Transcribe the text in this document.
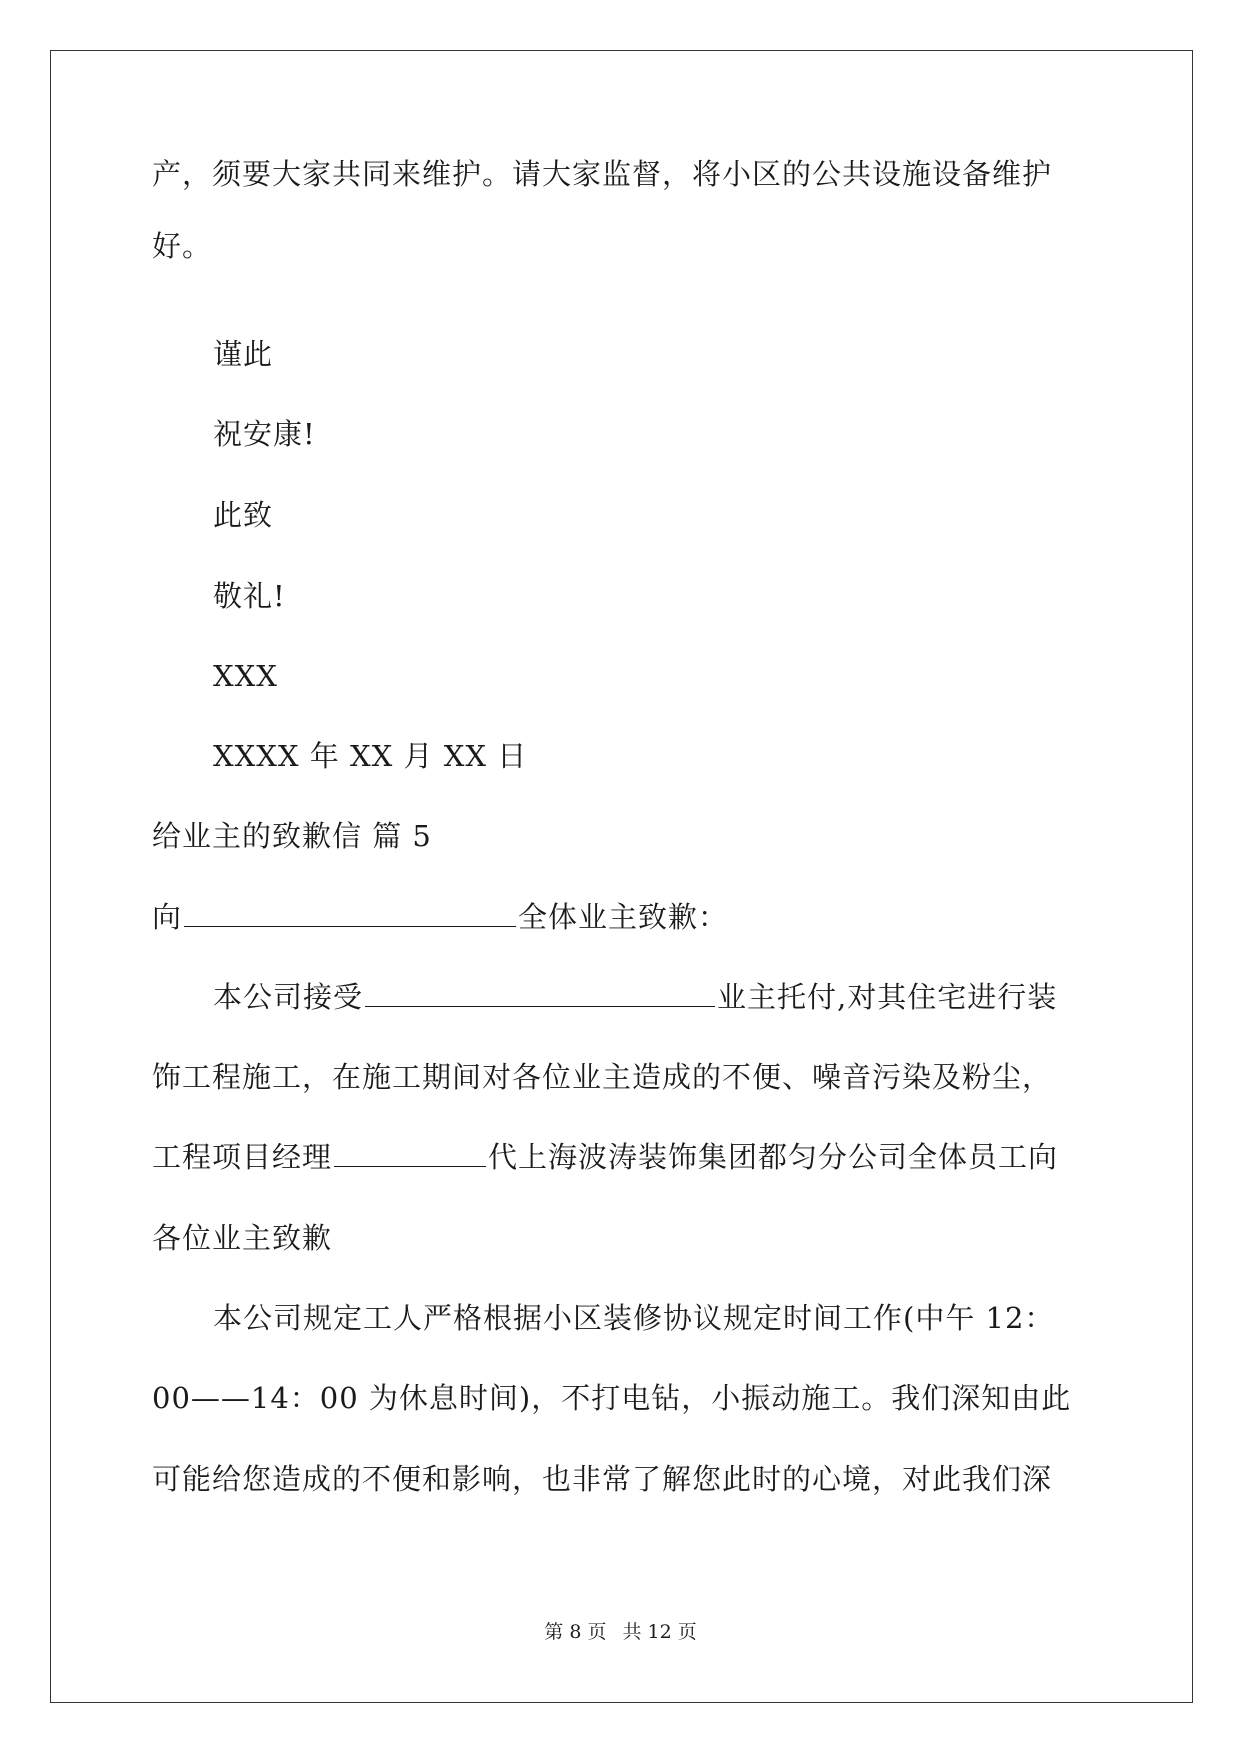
产，须要大家共同来维护。请大家监督，将小区的公共设施设备维护
好。
谨此
祝安康!
此致
敬礼!
XXX
XXXX 年 XX 月 XX 日
给业主的致歉信 篇 5
向	全体业主致歉：
本公司接受	业主托付,对其住宅进行装
饰工程施工，在施工期间对各位业主造成的不便、噪音污染及粉尘，
工程项目经理	代上海波涛装饰集团都匀分公司全体员工向
各位业主致歉
本公司规定工人严格根据小区装修协议规定时间工作(中午 12：
00——14：00 为休息时间)，不打电钻，小振动施工。我们深知由此
可能给您造成的不便和影响，也非常了解您此时的心境，对此我们深
第 8 页 共 12 页
